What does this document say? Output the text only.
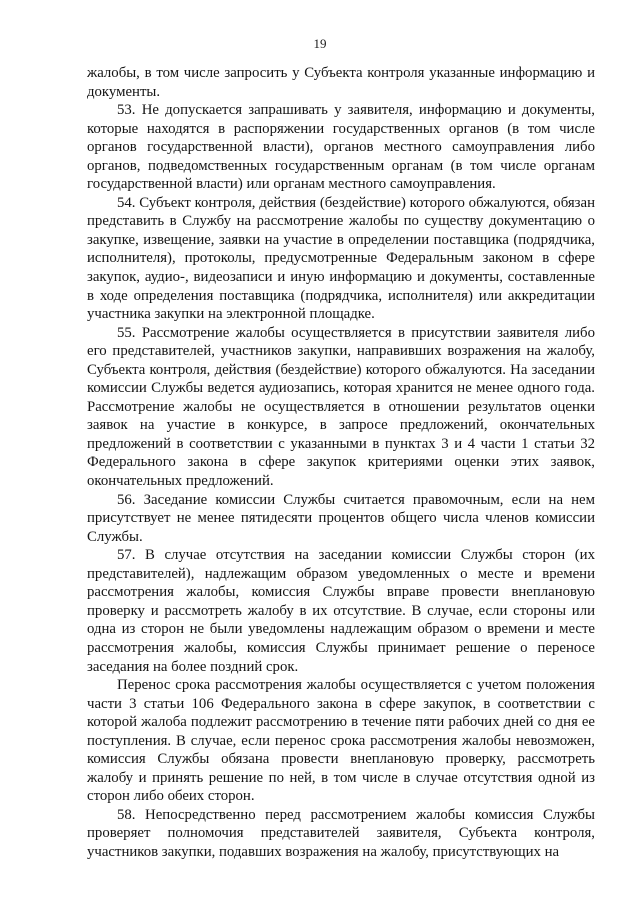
19

жалобы, в том числе запросить у Субъекта контроля указанные информацию и документы.

53. Не допускается запрашивать у заявителя, информацию и документы, которые находятся в распоряжении государственных органов (в том числе органов государственной власти), органов местного самоуправления либо органов, подведомственных государственным органам (в том числе органам государственной власти) или органам местного самоуправления.

54. Субъект контроля, действия (бездействие) которого обжалуются, обязан представить в Службу на рассмотрение жалобы по существу документацию о закупке, извещение, заявки на участие в определении поставщика (подрядчика, исполнителя), протоколы, предусмотренные Федеральным законом в сфере закупок, аудио-, видеозаписи и иную информацию и документы, составленные в ходе определения поставщика (подрядчика, исполнителя) или аккредитации участника закупки на электронной площадке.

55. Рассмотрение жалобы осуществляется в присутствии заявителя либо его представителей, участников закупки, направивших возражения на жалобу, Субъекта контроля, действия (бездействие) которого обжалуются. На заседании комиссии Службы ведется аудиозапись, которая хранится не менее одного года. Рассмотрение жалобы не осуществляется в отношении результатов оценки заявок на участие в конкурсе, в запросе предложений, окончательных предложений в соответствии с указанными в пунктах 3 и 4 части 1 статьи 32 Федерального закона в сфере закупок критериями оценки этих заявок, окончательных предложений.

56. Заседание комиссии Службы считается правомочным, если на нем присутствует не менее пятидесяти процентов общего числа членов комиссии Службы.

57. В случае отсутствия на заседании комиссии Службы сторон (их представителей), надлежащим образом уведомленных о месте и времени рассмотрения жалобы, комиссия Службы вправе провести внеплановую проверку и рассмотреть жалобу в их отсутствие. В случае, если стороны или одна из сторон не были уведомлены надлежащим образом о времени и месте рассмотрения жалобы, комиссия Службы принимает решение о переносе заседания на более поздний срок.

Перенос срока рассмотрения жалобы осуществляется с учетом положения части 3 статьи 106 Федерального закона в сфере закупок, в соответствии с которой жалоба подлежит рассмотрению в течение пяти рабочих дней со дня ее поступления. В случае, если перенос срока рассмотрения жалобы невозможен, комиссия Службы обязана провести внеплановую проверку, рассмотреть жалобу и принять решение по ней, в том числе в случае отсутствия одной из сторон либо обеих сторон.

58. Непосредственно перед рассмотрением жалобы комиссия Службы проверяет полномочия представителей заявителя, Субъекта контроля, участников закупки, подавших возражения на жалобу, присутствующих на
